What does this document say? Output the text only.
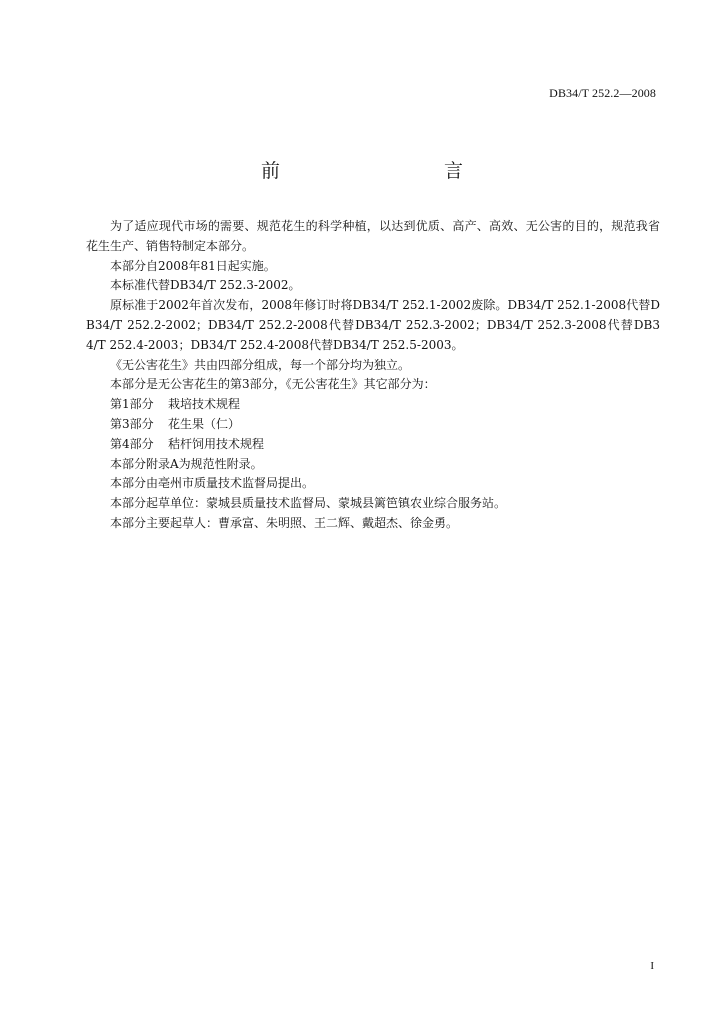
DB34/T 252.2—2008
前　　言

为了适应现代市场的需要、规范花生的科学种植，以达到优质、高产、高效、无公害的目的，规范我省花生生产、销售特制定本部分。

本部分自2008年81日起实施。

本标准代替DB34/T 252.3-2002。

原标准于2002年首次发布，2008年修订时将DB34/T 252.1-2002废除。DB34/T 252.1-2008代替DB34/T 252.2-2002；DB34/T 252.2-2008代替DB34/T 252.3-2002；DB34/T 252.3-2008代替DB34/T 252.4-2003；DB34/T 252.4-2008代替DB34/T 252.5-2003。

《无公害花生》共由四部分组成，每一个部分均为独立。

本部分是无公害花生的第3部分，《无公害花生》其它部分为：

第1部分 栽培技术规程

第3部分 花生果（仁）

第4部分 秸杆饲用技术规程

本部分附录A为规范性附录。

本部分由亳州市质量技术监督局提出。

本部分起草单位：蒙城县质量技术监督局、蒙城县篱笆镇农业综合服务站。

本部分主要起草人：曹承富、朱明照、王二辉、戴超杰、徐金勇。

I
